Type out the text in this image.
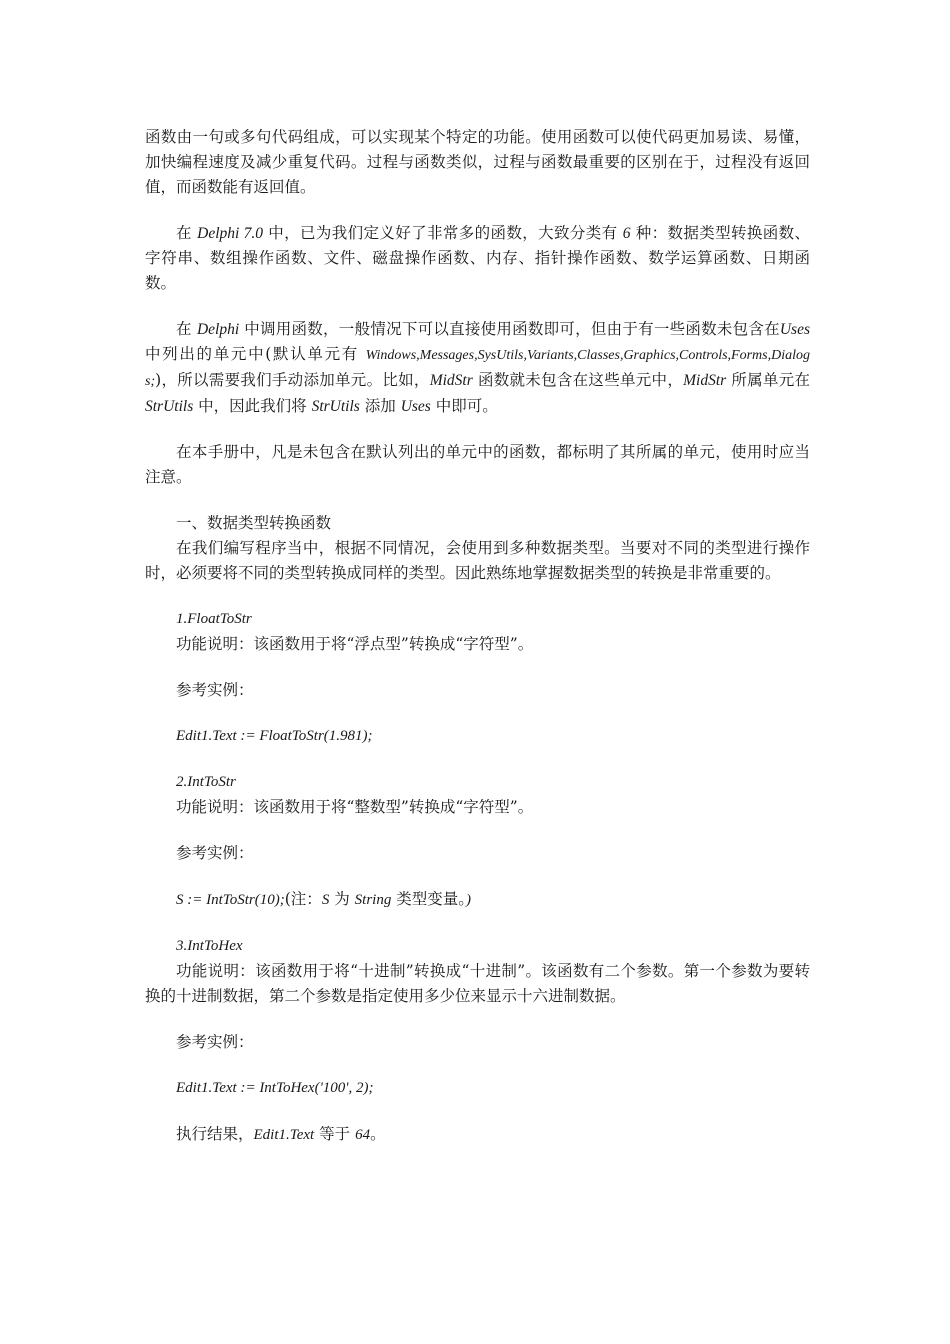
函数由一句或多句代码组成，可以实现某个特定的功能。使用函数可以使代码更加易读、易懂，加快编程速度及减少重复代码。过程与函数类似，过程与函数最重要的区别在于，过程没有返回值，而函数能有返回值。

在 Delphi 7.0 中，已为我们定义好了非常多的函数，大致分类有 6 种：数据类型转换函数、字符串、数组操作函数、文件、磁盘操作函数、内存、指针操作函数、数学运算函数、日期函数。

在 Delphi 中调用函数，一般情况下可以直接使用函数即可，但由于有一些函数未包含在Uses 中列出的单元中(默认单元有 Windows,Messages,SysUtils,Variants,Classes,Graphics,Controls,Forms,Dialogs;)，所以需要我们手动添加单元。比如，MidStr 函数就未包含在这些单元中，MidStr 所属单元在 StrUtils 中，因此我们将 StrUtils 添加 Uses 中即可。

在本手册中，凡是未包含在默认列出的单元中的函数，都标明了其所属的单元，使用时应当注意。

一、数据类型转换函数

在我们编写程序当中，根据不同情况，会使用到多种数据类型。当要对不同的类型进行操作时，必须要将不同的类型转换成同样的类型。因此熟练地掌握数据类型的转换是非常重要的。

1.FloatToStr
功能说明：该函数用于将“浮点型”转换成“字符型”。
参考实例：
Edit1.Text := FloatToStr(1.981);
2.IntToStr
功能说明：该函数用于将“整数型”转换成“字符型”。
参考实例：
S := IntToStr(10);(注：S 为 String 类型变量。)
3.IntToHex
功能说明：该函数用于将“十进制”转换成“十进制”。该函数有二个参数。第一个参数为要转换的十进制数据，第二个参数是指定使用多少位来显示十六进制数据。
参考实例：
Edit1.Text := IntToHex('100', 2);
执行结果，Edit1.Text 等于 64。
